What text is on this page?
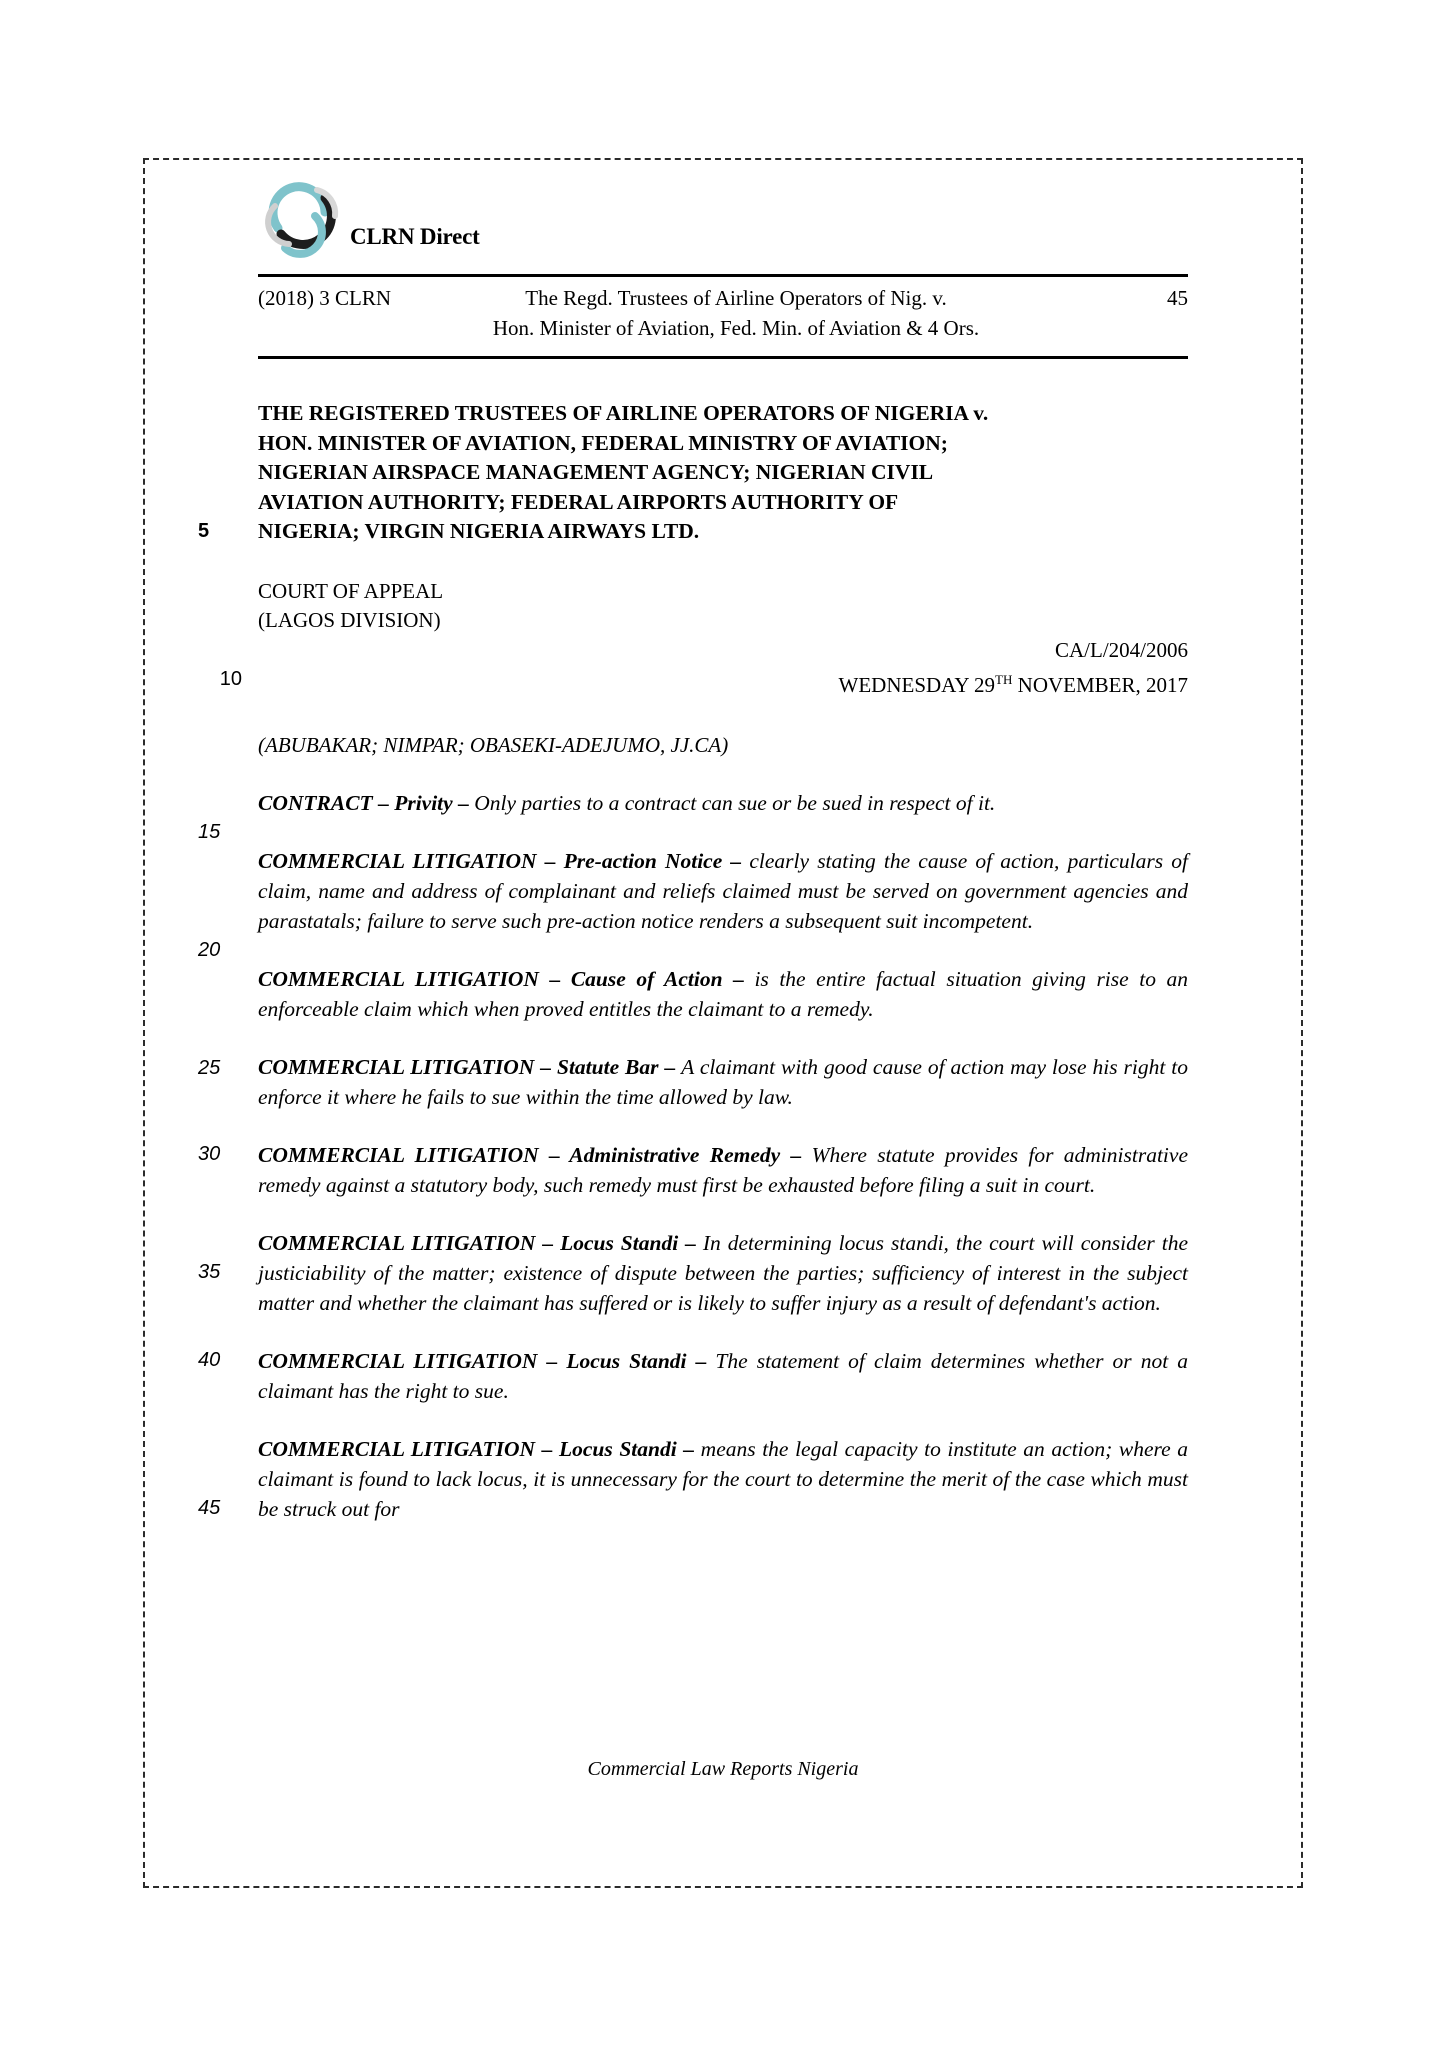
CLRN Direct
(2018) 3 CLRN	The Regd. Trustees of Airline Operators of Nig. v.
Hon. Minister of Aviation, Fed. Min. of Aviation & 4 Ors.
45
THE REGISTERED TRUSTEES OF AIRLINE OPERATORS OF NIGERIA v.
HON. MINISTER OF AVIATION, FEDERAL MINISTRY OF AVIATION;
NIGERIAN AIRSPACE MANAGEMENT AGENCY; NIGERIAN CIVIL
AVIATION AUTHORITY; FEDERAL AIRPORTS AUTHORITY OF
5	NIGERIA; VIRGIN NIGERIA AIRWAYS LTD.
COURT OF APPEAL
(LAGOS DIVISION)
CA/L/204/2006
10	WEDNESDAY 29TH NOVEMBER, 2017
(ABUBAKAR; NIMPAR; OBASEKI-ADEJUMO, JJ.CA)
15
CONTRACT – Privity – Only parties to a contract can sue or be sued in respect of it.
20
COMMERCIAL LITIGATION – Pre-action Notice – clearly stating the cause of action, particulars of claim, name and address of complainant and reliefs claimed must be served on government agencies and parastatals; failure to serve such pre-action notice renders a subsequent suit incompetent.
25
COMMERCIAL LITIGATION – Cause of Action – is the entire factual situation giving rise to an enforceable claim which when proved entitles the claimant to a remedy.
COMMERCIAL LITIGATION – Statute Bar – A claimant with good cause of action may lose his right to enforce it where he fails to sue within the time allowed by law.
30	COMMERCIAL LITIGATION – Administrative Remedy – Where statute provides for administrative remedy against a statutory body, such remedy must first be exhausted before filing a suit in court.
35
COMMERCIAL LITIGATION – Locus Standi – In determining locus standi, the court will consider the justiciability of the matter; existence of dispute between the parties; sufficiency of interest in the subject matter and whether the claimant has suffered or is likely to suffer injury as a result of defendant's action.
40	COMMERCIAL LITIGATION – Locus Standi – The statement of claim determines whether or not a claimant has the right to sue.
45
COMMERCIAL LITIGATION – Locus Standi – means the legal capacity to institute an action; where a claimant is found to lack locus, it is unnecessary for the court to determine the merit of the case which must be struck out for
Commercial Law Reports Nigeria
